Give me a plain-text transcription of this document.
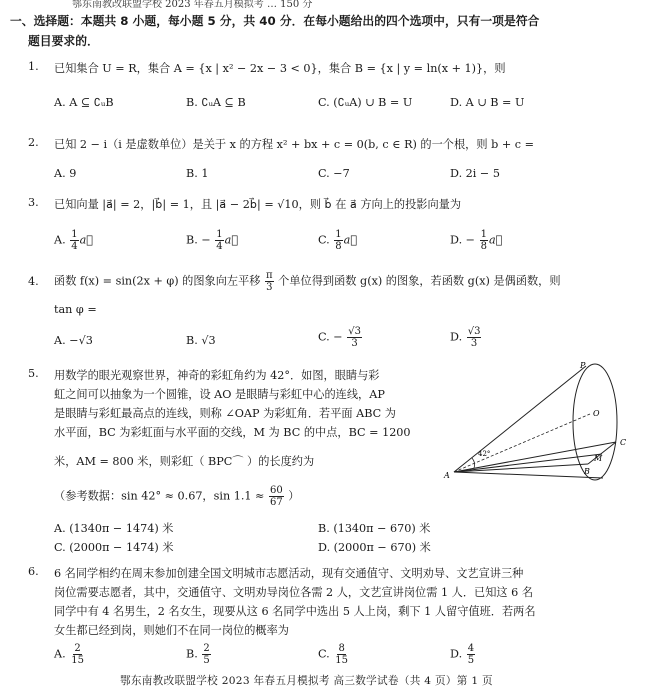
鄂东南教改联盟学校 2023 年春五月模拟考 … 150 分
一、选择题：本题共 8 小题，每小题 5 分，共 40 分．在每小题给出的四个选项中，只有一项是符合
题目要求的．
1. 已知集合 U = R，集合 A = {x | x² − 2x − 3 < 0}，集合 B = {x | y = ln(x + 1)}，则
A. A ⊆ ∁ᵤB	B. ∁ᵤA ⊆ B	C. (∁ᵤA) ∪ B = U	D. A ∪ B = U
2. 已知 2 − i（i 是虚数单位）是关于 x 的方程 x² + bx + c = 0(b, c ∈ R) 的一个根，则 b + c =
A. 9	B. 1	C. −7	D. 2i − 5
3. 已知向量 |a⃗| = 2，|b⃗| = 1，且 |a⃗ − 2b⃗| = √10，则 b⃗ 在 a⃗ 方向上的投影向量为
A. $\frac{1}{4}$ a⃗	B. − $\frac{1}{4}$ a⃗	C. $\frac{1}{8}$ a⃗	D. − $\frac{1}{8}$ a⃗
4. 函数 f(x) = sin(2x + φ) 的图象向左平移 $\frac{\pi}{3}$ 个单位得到函数 g(x) 的图象，若函数 g(x) 是偶函数，则
tan φ =
A. −√3	B. √3	C. − $\frac{√3}{3}$	D. $\frac{√3}{3}$
5. 用数学的眼光观察世界，神奇的彩虹角约为 42°．如图，眼睛与彩
虹之间可以抽象为一个圆锥，设 AO 是眼睛与彩虹中心的连线，AP
是眼睛与彩虹最高点的连线，则称 ∠OAP 为彩虹角．若平面 ABC 为
水平面，BC 为彩虹面与水平面的交线，M 为 BC 的中点，BC = 1200
米，AM = 800 米，则彩虹（ BPC⌒ ）的长度约为
（参考数据：sin 42° ≈ 0.67，$\sin 1.1 \approx \frac{60}{67}$ ）
A. (1340π − 1474) 米	B. (1340π − 670) 米
C. (2000π − 1474) 米	D. (2000π − 670) 米
P
O
C
M
A	B
42°
6. 6 名同学相约在周末参加创建全国文明城市志愿活动，现有交通值守、文明劝导、文艺宣讲三种
岗位需要志愿者，其中，交通值守、文明劝导岗位各需 2 人，文艺宣讲岗位需 1 人．已知这 6 名
同学中有 4 名男生，2 名女生，现要从这 6 名同学中选出 5 人上岗，剩下 1 人留守值班．若两名
女生都已经到岗，则她们不在同一岗位的概率为
A. $\frac{2}{15}$	B. $\frac{2}{5}$	C. $\frac{8}{15}$	D. $\frac{4}{5}$
鄂东南教改联盟学校 2023 年春五月模拟考 高三数学试卷（共 4 页）第 1 页
